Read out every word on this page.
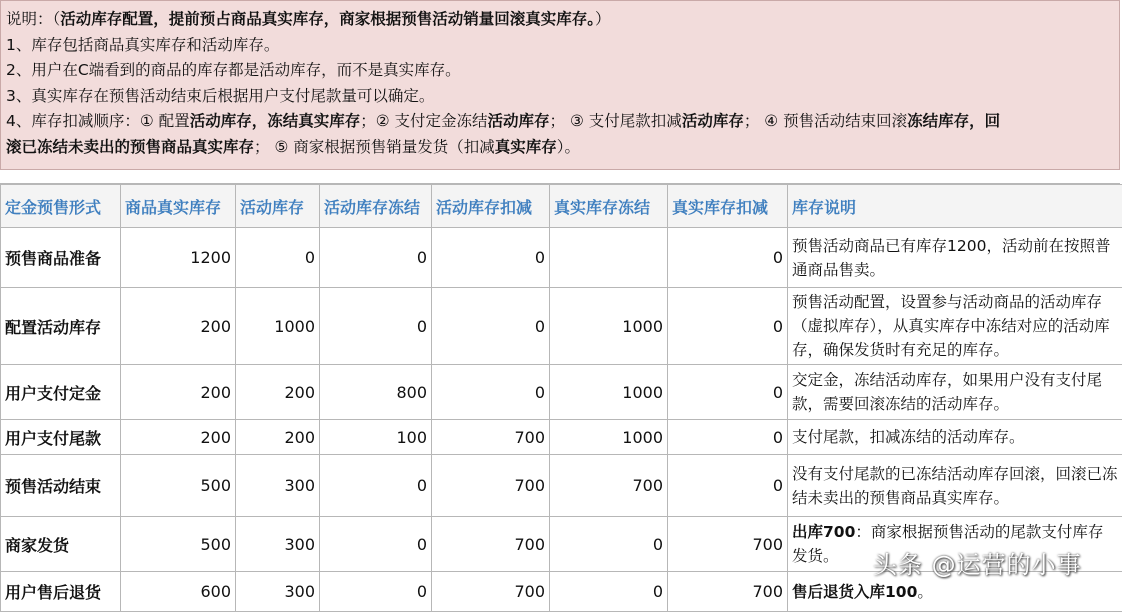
说明：（活动库存配置，提前预占商品真实库存，商家根据预售活动销量回滚真实库存。）

1、库存包括商品真实库存和活动库存。

2、用户在C端看到的商品的库存都是活动库存，而不是真实库存。

3、真实库存在预售活动结束后根据用户支付尾款量可以确定。

4、库存扣减顺序：① 配置活动库存，冻结真实库存；② 支付定金冻结活动库存； ③ 支付尾款扣减活动库存； ④ 预售活动结束回滚冻结库存，回

滚已冻结未卖出的预售商品真实库存； ⑤ 商家根据预售销量发货（扣减真实库存）。

定金预售形式	商品真实库存	活动库存	活动库存冻结	活动库存扣减	真实库存冻结	真实库存扣减	库存说明
预售商品准备	1200	0	0	0		0	预售活动商品已有库存1200，活动前在按照普通商品售卖。
配置活动库存	200	1000	0	0	1000	0	预售活动配置，设置参与活动商品的活动库存（虚拟库存），从真实库存中冻结对应的活动库存，确保发货时有充足的库存。
用户支付定金	200	200	800	0	1000	0	交定金，冻结活动库存，如果用户没有支付尾款，需要回滚冻结的活动库存。
用户支付尾款	200	200	100	700	1000	0	支付尾款，扣减冻结的活动库存。
预售活动结束	500	300	0	700	700	0	没有支付尾款的已冻结活动库存回滚，回滚已冻结未卖出的预售商品真实库存。
商家发货	500	300	0	700	0	700	出库700：商家根据预售活动的尾款支付库存发货。
用户售后退货	600	300	0	700	0	700	售后退货入库100。
头条 @运营的小事
